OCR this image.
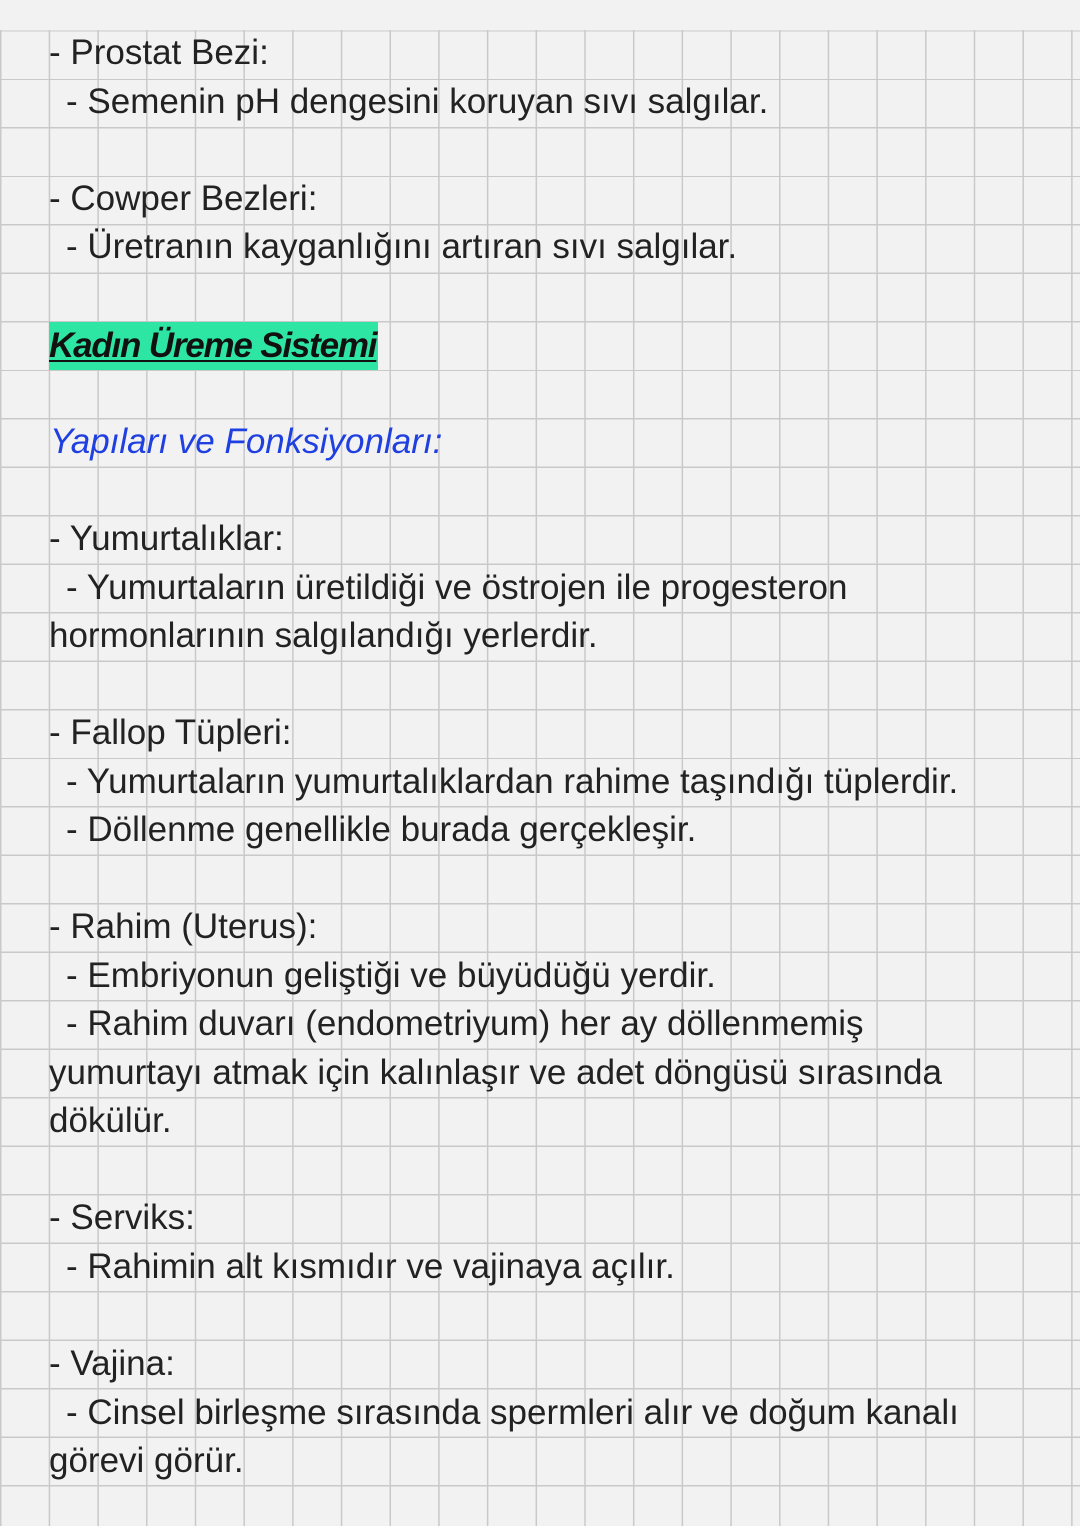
- Prostat Bezi:

- Semenin pH dengesini koruyan sıvı salgılar.

- Cowper Bezleri:

- Üretranın kayganlığını artıran sıvı salgılar.

Kadın Üreme Sistemi

Yapıları ve Fonksiyonları:

- Yumurtalıklar:

- Yumurtaların üretildiği ve östrojen ile progesteron

hormonlarının salgılandığı yerlerdir.

- Fallop Tüpleri:

- Yumurtaların yumurtalıklardan rahime taşındığı tüplerdir.

- Döllenme genellikle burada gerçekleşir.

- Rahim (Uterus):

- Embriyonun geliştiği ve büyüdüğü yerdir.

- Rahim duvarı (endometriyum) her ay döllenmemiş

yumurtayı atmak için kalınlaşır ve adet döngüsü sırasında

dökülür.

- Serviks:

- Rahimin alt kısmıdır ve vajinaya açılır.

- Vajina:

- Cinsel birleşme sırasında spermleri alır ve doğum kanalı

görevi görür.
